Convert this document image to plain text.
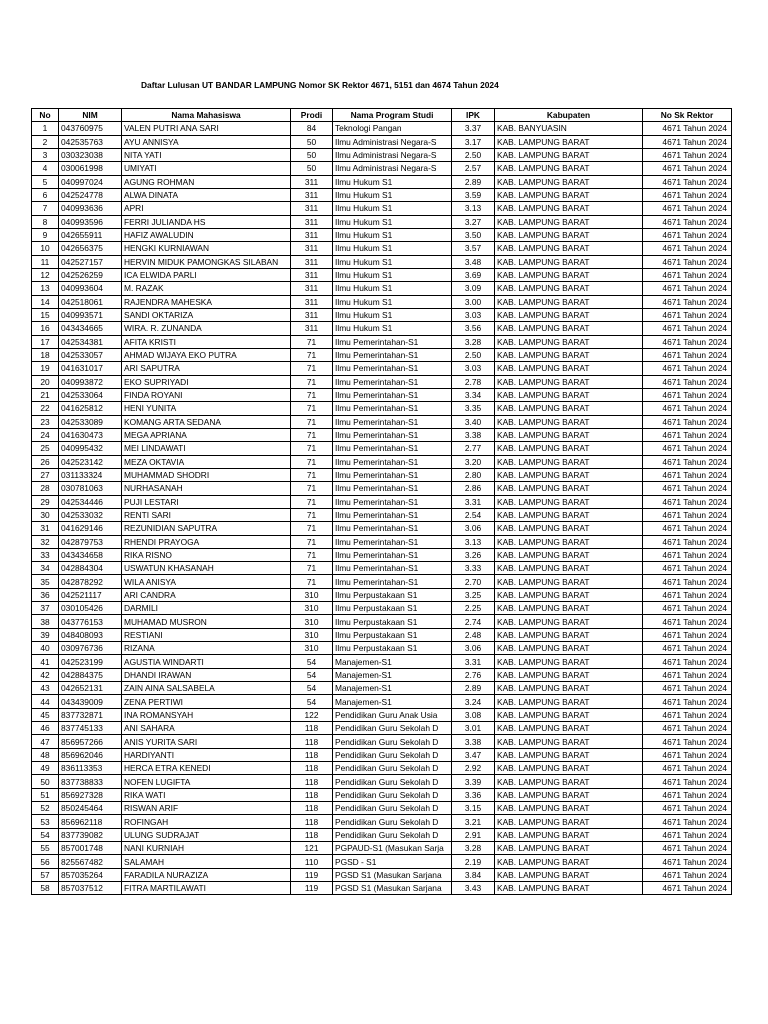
Daftar Lulusan UT BANDAR LAMPUNG Nomor SK Rektor 4671, 5151 dan 4674 Tahun 2024
No	NIM	Nama Mahasiswa	Prodi	Nama Program Studi	IPK	Kabupaten	No Sk Rektor
1	043760975	VALEN PUTRI ANA SARI	84	Teknologi Pangan	3.37	KAB. BANYUASIN	4671 Tahun 2024
2	042535763	AYU ANNISYA	50	Ilmu Administrasi Negara-S	3.17	KAB. LAMPUNG BARAT	4671 Tahun 2024
3	030323038	NITA YATI	50	Ilmu Administrasi Negara-S	2.50	KAB. LAMPUNG BARAT	4671 Tahun 2024
4	030061998	UMIYATI	50	Ilmu Administrasi Negara-S	2.57	KAB. LAMPUNG BARAT	4671 Tahun 2024
5	040997024	AGUNG ROHMAN	311	Ilmu Hukum S1	2.89	KAB. LAMPUNG BARAT	4671 Tahun 2024
6	042524778	ALWA DINATA	311	Ilmu Hukum S1	3.59	KAB. LAMPUNG BARAT	4671 Tahun 2024
7	040993636	APRI	311	Ilmu Hukum S1	3.13	KAB. LAMPUNG BARAT	4671 Tahun 2024
8	040993596	FERRI JULIANDA HS	311	Ilmu Hukum S1	3.27	KAB. LAMPUNG BARAT	4671 Tahun 2024
9	042655911	HAFIZ AWALUDIN	311	Ilmu Hukum S1	3.50	KAB. LAMPUNG BARAT	4671 Tahun 2024
10	042656375	HENGKI KURNIAWAN	311	Ilmu Hukum S1	3.57	KAB. LAMPUNG BARAT	4671 Tahun 2024
11	042527157	HERVIN MIDUK PAMONGKAS SILABAN	311	Ilmu Hukum S1	3.48	KAB. LAMPUNG BARAT	4671 Tahun 2024
12	042526259	ICA ELWIDA PARLI	311	Ilmu Hukum S1	3.69	KAB. LAMPUNG BARAT	4671 Tahun 2024
13	040993604	M. RAZAK	311	Ilmu Hukum S1	3.09	KAB. LAMPUNG BARAT	4671 Tahun 2024
14	042518061	RAJENDRA MAHESKA	311	Ilmu Hukum S1	3.00	KAB. LAMPUNG BARAT	4671 Tahun 2024
15	040993571	SANDI OKTARIZA	311	Ilmu Hukum S1	3.03	KAB. LAMPUNG BARAT	4671 Tahun 2024
16	043434665	WIRA. R. ZUNANDA	311	Ilmu Hukum S1	3.56	KAB. LAMPUNG BARAT	4671 Tahun 2024
17	042534381	AFITA KRISTI	71	Ilmu Pemerintahan-S1	3.28	KAB. LAMPUNG BARAT	4671 Tahun 2024
18	042533057	AHMAD WIJAYA EKO PUTRA	71	Ilmu Pemerintahan-S1	2.50	KAB. LAMPUNG BARAT	4671 Tahun 2024
19	041631017	ARI SAPUTRA	71	Ilmu Pemerintahan-S1	3.03	KAB. LAMPUNG BARAT	4671 Tahun 2024
20	040993872	EKO SUPRIYADI	71	Ilmu Pemerintahan-S1	2.78	KAB. LAMPUNG BARAT	4671 Tahun 2024
21	042533064	FINDA ROYANI	71	Ilmu Pemerintahan-S1	3.34	KAB. LAMPUNG BARAT	4671 Tahun 2024
22	041625812	HENI YUNITA	71	Ilmu Pemerintahan-S1	3.35	KAB. LAMPUNG BARAT	4671 Tahun 2024
23	042533089	KOMANG ARTA SEDANA	71	Ilmu Pemerintahan-S1	3.40	KAB. LAMPUNG BARAT	4671 Tahun 2024
24	041630473	MEGA APRIANA	71	Ilmu Pemerintahan-S1	3.38	KAB. LAMPUNG BARAT	4671 Tahun 2024
25	040995432	MEI LINDAWATI	71	Ilmu Pemerintahan-S1	2.77	KAB. LAMPUNG BARAT	4671 Tahun 2024
26	042523142	MEZA OKTAVIA	71	Ilmu Pemerintahan-S1	3.20	KAB. LAMPUNG BARAT	4671 Tahun 2024
27	031133324	MUHAMMAD SHODRI	71	Ilmu Pemerintahan-S1	2.80	KAB. LAMPUNG BARAT	4671 Tahun 2024
28	030781063	NURHASANAH	71	Ilmu Pemerintahan-S1	2.86	KAB. LAMPUNG BARAT	4671 Tahun 2024
29	042534446	PUJI LESTARI	71	Ilmu Pemerintahan-S1	3.31	KAB. LAMPUNG BARAT	4671 Tahun 2024
30	042533032	RENTI SARI	71	Ilmu Pemerintahan-S1	2.54	KAB. LAMPUNG BARAT	4671 Tahun 2024
31	041629146	REZUNIDIAN SAPUTRA	71	Ilmu Pemerintahan-S1	3.06	KAB. LAMPUNG BARAT	4671 Tahun 2024
32	042879753	RHENDI PRAYOGA	71	Ilmu Pemerintahan-S1	3.13	KAB. LAMPUNG BARAT	4671 Tahun 2024
33	043434658	RIKA RISNO	71	Ilmu Pemerintahan-S1	3.26	KAB. LAMPUNG BARAT	4671 Tahun 2024
34	042884304	USWATUN KHASANAH	71	Ilmu Pemerintahan-S1	3.33	KAB. LAMPUNG BARAT	4671 Tahun 2024
35	042878292	WILA ANISYA	71	Ilmu Pemerintahan-S1	2.70	KAB. LAMPUNG BARAT	4671 Tahun 2024
36	042521117	ARI CANDRA	310	Ilmu Perpustakaan S1	3.25	KAB. LAMPUNG BARAT	4671 Tahun 2024
37	030105426	DARMILI	310	Ilmu Perpustakaan S1	2.25	KAB. LAMPUNG BARAT	4671 Tahun 2024
38	043776153	MUHAMAD MUSRON	310	Ilmu Perpustakaan S1	2.74	KAB. LAMPUNG BARAT	4671 Tahun 2024
39	048408093	RESTIANI	310	Ilmu Perpustakaan S1	2.48	KAB. LAMPUNG BARAT	4671 Tahun 2024
40	030976736	RIZANA	310	Ilmu Perpustakaan S1	3.06	KAB. LAMPUNG BARAT	4671 Tahun 2024
41	042523199	AGUSTIA WINDARTI	54	Manajemen-S1	3.31	KAB. LAMPUNG BARAT	4671 Tahun 2024
42	042884375	DHANDI IRAWAN	54	Manajemen-S1	2.76	KAB. LAMPUNG BARAT	4671 Tahun 2024
43	042652131	ZAIN AINA SALSABELA	54	Manajemen-S1	2.89	KAB. LAMPUNG BARAT	4671 Tahun 2024
44	043439009	ZENA PERTIWI	54	Manajemen-S1	3.24	KAB. LAMPUNG BARAT	4671 Tahun 2024
45	837732871	INA ROMANSYAH	122	Pendidikan Guru Anak Usia	3.08	KAB. LAMPUNG BARAT	4671 Tahun 2024
46	837745133	ANI SAHARA	118	Pendidikan Guru Sekolah D	3.01	KAB. LAMPUNG BARAT	4671 Tahun 2024
47	856957266	ANIS YURITA SARI	118	Pendidikan Guru Sekolah D	3.38	KAB. LAMPUNG BARAT	4671 Tahun 2024
48	856962046	HARDIYANTI	118	Pendidikan Guru Sekolah D	3.47	KAB. LAMPUNG BARAT	4671 Tahun 2024
49	836113353	HERCA ETRA KENEDI	118	Pendidikan Guru Sekolah D	2.92	KAB. LAMPUNG BARAT	4671 Tahun 2024
50	837738833	NOFEN LUGIFTA	118	Pendidikan Guru Sekolah D	3.39	KAB. LAMPUNG BARAT	4671 Tahun 2024
51	856927328	RIKA WATI	118	Pendidikan Guru Sekolah D	3.36	KAB. LAMPUNG BARAT	4671 Tahun 2024
52	850245464	RISWAN ARIF	118	Pendidikan Guru Sekolah D	3.15	KAB. LAMPUNG BARAT	4671 Tahun 2024
53	856962118	ROFINGAH	118	Pendidikan Guru Sekolah D	3.21	KAB. LAMPUNG BARAT	4671 Tahun 2024
54	837739082	ULUNG SUDRAJAT	118	Pendidikan Guru Sekolah D	2.91	KAB. LAMPUNG BARAT	4671 Tahun 2024
55	857001748	NANI KURNIAH	121	PGPAUD-S1 (Masukan Sarja	3.28	KAB. LAMPUNG BARAT	4671 Tahun 2024
56	825567482	SALAMAH	110	PGSD - S1	2.19	KAB. LAMPUNG BARAT	4671 Tahun 2024
57	857035264	FARADILA NURAZIZA	119	PGSD S1 (Masukan Sarjana	3.84	KAB. LAMPUNG BARAT	4671 Tahun 2024
58	857037512	FITRA MARTILAWATI	119	PGSD S1 (Masukan Sarjana	3.43	KAB. LAMPUNG BARAT	4671 Tahun 2024
